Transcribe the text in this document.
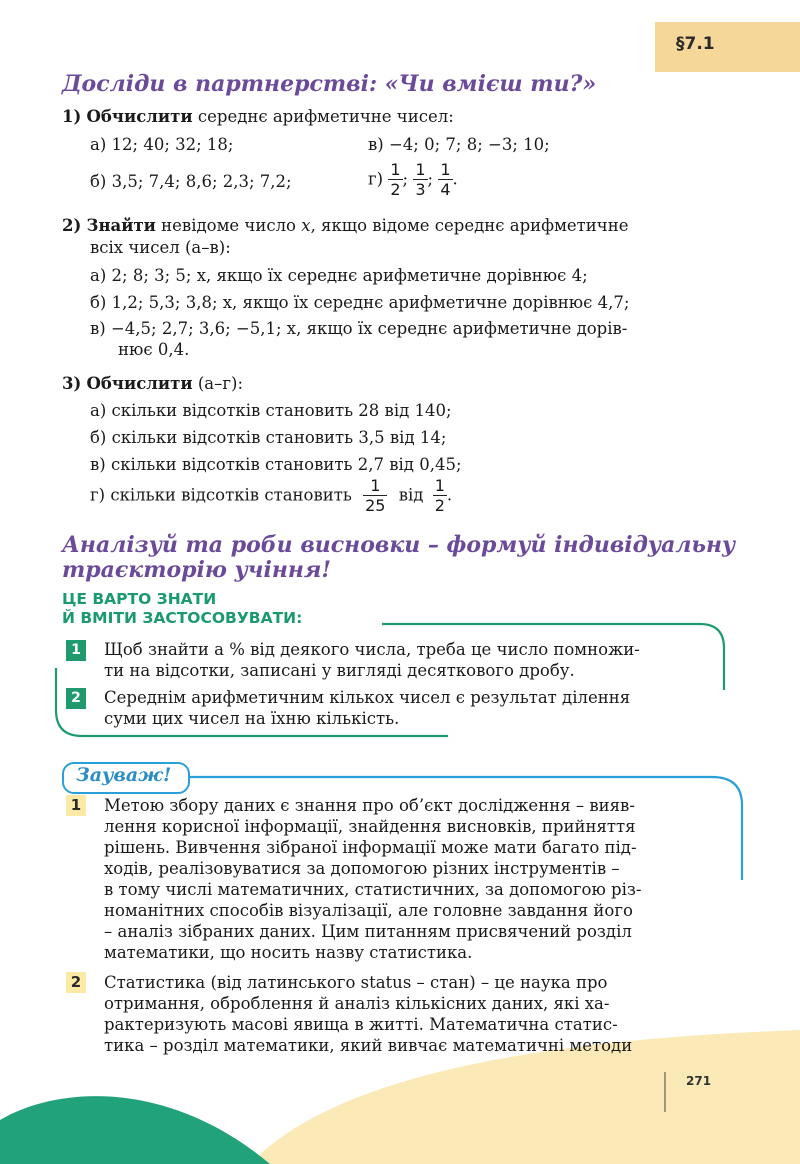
§7.1
Досліди в партнерстві: «Чи вмієш ти?»
1) Обчислити середнє арифметичне чисел:
а) 12; 40; 32; 18;	в) −4; 0; 7; 8; −3; 10;
б) 3,5; 7,4; 8,6; 2,3; 7,2;	$г) \frac{1}{2}$ ; $\frac{1}{3}$ ; $\frac{1}{4}$ .
2) Знайти невідоме число x, якщо відоме середнє арифметичне
всіх чисел (а–в):
а) 2; 8; 3; 5; x, якщо їх середнє арифметичне дорівнює 4;
б) 1,2; 5,3; 3,8; x, якщо їх середнє арифметичне дорівнює 4,7;
в) −4,5; 2,7; 3,6; −5,1; x, якщо їх середнє арифметичне дорів-
нює 0,4.
3) Обчислити (а–г):
а) скільки відсотків становить 28 від 140;
б) скільки відсотків становить 3,5 від 14;
в) скільки відсотків становить 2,7 від 0,45;
г) скільки відсотків становить $\frac{1}{25}$ від $\frac{1}{2}$ .
Аналізуй та роби висновки – формуй індивідуальну
траєкторію учіння!
ЦЕ ВАРТО ЗНАТИ
Й ВМІТИ ЗАСТОСОВУВАТИ:
1	Щоб знайти a % від деякого числа, треба це число помножи-
ти на відсотки, записані у вигляді десяткового дробу.
2	Середнім арифметичним кількох чисел є результат ділення
суми цих чисел на їхню кількість.
Зауваж!
1 Метою збору даних є знання про об’єкт дослідження – вияв-
лення корисної інформації, знайдення висновків, прийняття
рішень. Вивчення зібраної інформації може мати багато під-
ходів, реалізовуватися за допомогою різних інструментів –
в тому числі математичних, статистичних, за допомогою різ-
номанітних способів візуалізації, але головне завдання його
– аналіз зібраних даних. Цим питанням присвячений розділ
математики, що носить назву статистика.
2 Статистика (від латинського status – стан) – це наука про
отримання, оброблення й аналіз кількісних даних, які ха-
рактеризують масові явища в житті. Математична статис-
тика – розділ математики, який вивчає математичні методи
271
